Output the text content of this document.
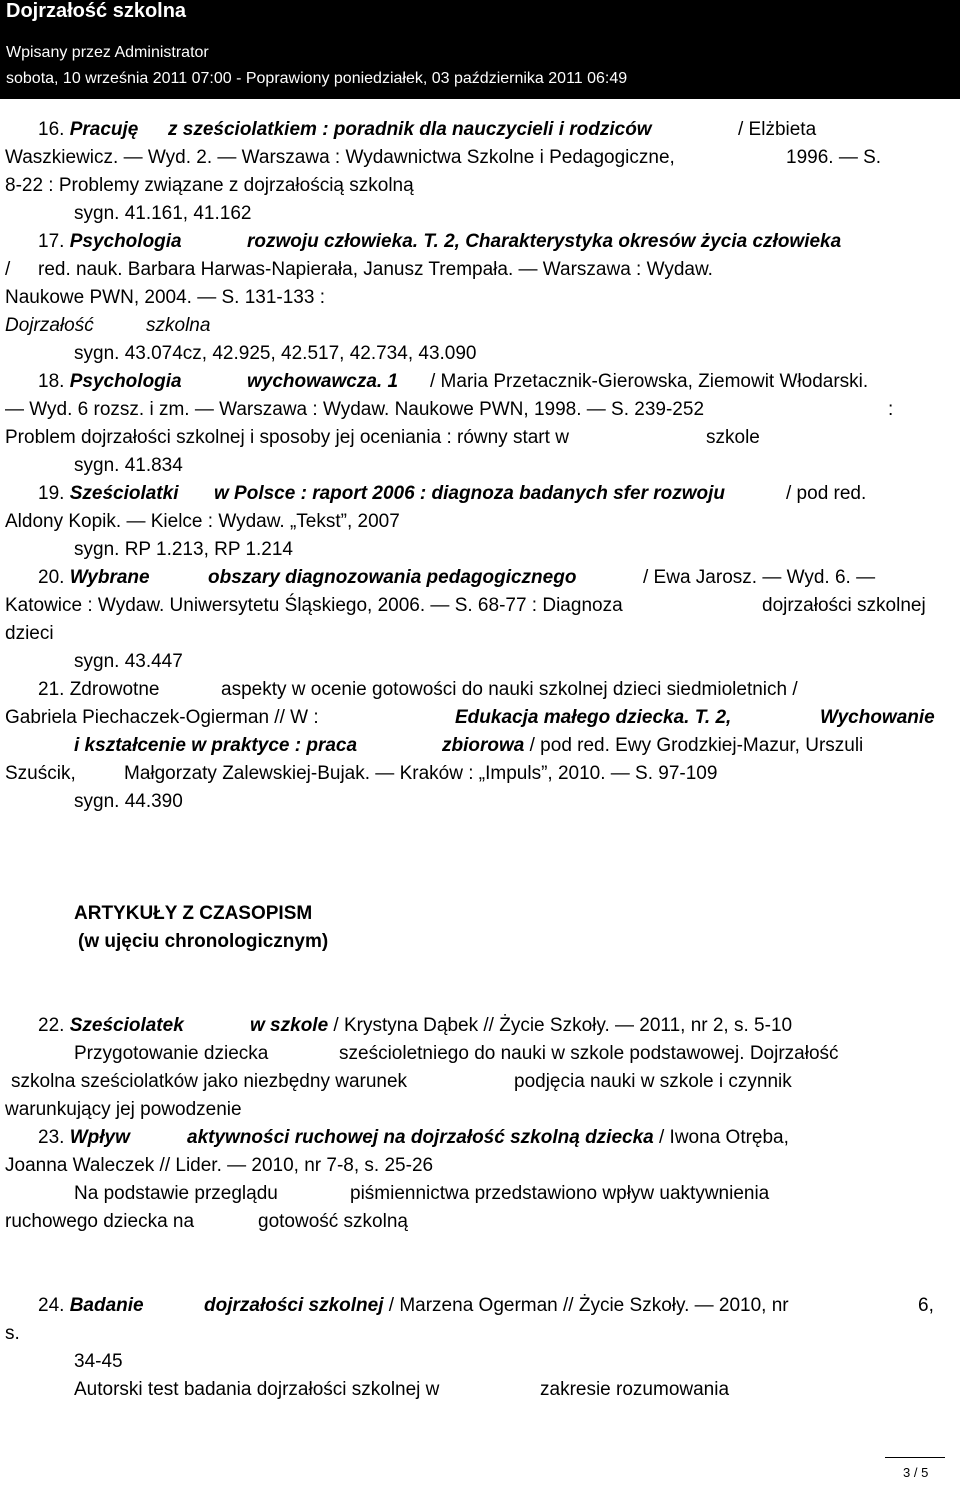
Dojrzałość szkolna
Wpisany przez Administrator
sobota, 10 września 2011 07:00 - Poprawiony poniedziałek, 03 października 2011 06:49
16. Pracuję z sześciolatkiem : poradnik dla nauczycieli i rodziców	/ Elżbieta
Waszkiewicz. — Wyd. 2. — Warszawa : Wydawnictwa Szkolne i Pedagogiczne,	1996. — S.
8-22 : Problemy związane z dojrzałością szkolną
sygn. 41.161, 41.162
17. Psychologia	rozwoju człowieka. T. 2, Charakterystyka okresów życia człowieka
/ red. nauk. Barbara Harwas-Napierała, Janusz Trempała. — Warszawa : Wydaw.
Naukowe PWN, 2004. — S. 131-133 :
Dojrzałość	szkolna
sygn. 43.074cz, 42.925, 42.517, 42.734, 43.090
18. Psychologia	wychowawcza. 1 / Maria Przetacznik-Gierowska, Ziemowit Włodarski.
— Wyd. 6 rozsz. i zm. — Warszawa : Wydaw. Naukowe PWN, 1998. — S. 239-252	:
Problem dojrzałości szkolnej i sposoby jej oceniania : równy start w	szkole
sygn. 41.834
19. Sześciolatki w Polsce : raport 2006 : diagnoza badanych sfer rozwoju	/ pod red.
Aldony Kopik. — Kielce : Wydaw. „Tekst”, 2007
sygn. RP 1.213, RP 1.214
20. Wybrane	obszary diagnozowania pedagogicznego	/ Ewa Jarosz. — Wyd. 6. —
Katowice : Wydaw. Uniwersytetu Śląskiego, 2006. — S. 68-77 : Diagnoza	dojrzałości szkolnej
dzieci
sygn. 43.447
21. Zdrowotne	aspekty w ocenie gotowości do nauki szkolnej dzieci siedmioletnich /
Gabriela Piechaczek-Ogierman // W :	Edukacja małego dziecka. T. 2,	Wychowanie
i kształcenie w praktyce : praca	zbiorowa / pod red. Ewy Grodzkiej-Mazur, Urszuli
Szuścik,	Małgorzaty Zalewskiej-Bujak. — Kraków : „Impuls”, 2010. — S. 97-109
sygn. 44.390
ARTYKUŁY Z CZASOPISM
(w ujęciu chronologicznym)
22. Sześciolatek	w szkole / Krystyna Dąbek // Życie Szkoły. — 2011, nr 2, s. 5-10
Przygotowanie dziecka	sześcioletniego do nauki w szkole podstawowej. Dojrzałość
szkolna sześciolatków jako niezbędny warunek	podjęcia nauki w szkole i czynnik
warunkujący jej powodzenie
23. Wpływ	aktywności ruchowej na dojrzałość szkolną dziecka / Iwona Otręba,
Joanna Waleczek // Lider. — 2010, nr 7-8, s. 25-26
Na podstawie przeglądu	piśmiennictwa przedstawiono wpływ uaktywnienia
ruchowego dziecka na	gotowość szkolną
24. Badanie	dojrzałości szkolnej / Marzena Ogerman // Życie Szkoły. — 2010, nr	6,
s.
34-45
Autorski test badania dojrzałości szkolnej w	zakresie rozumowania
3 / 5
